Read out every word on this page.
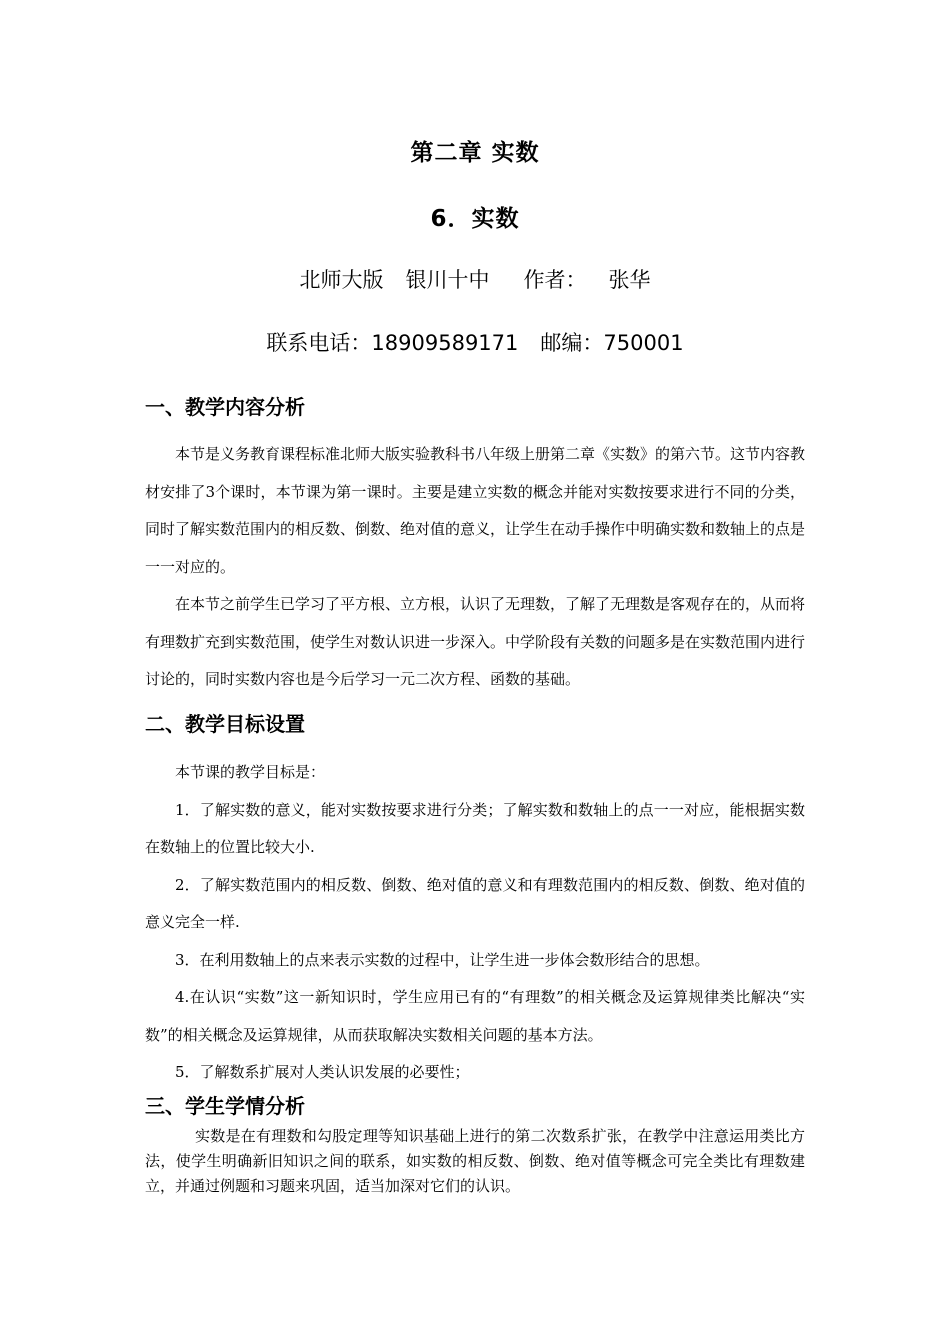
第二章 实数
6．实数
北师大版 银川十中 作者： 张华
联系电话：18909589171 邮编：750001
一、教学内容分析

本节是义务教育课程标准北师大版实验教科书八年级上册第二章《实数》的第六节。这节内容教材安排了3个课时，本节课为第一课时。主要是建立实数的概念并能对实数按要求进行不同的分类，同时了解实数范围内的相反数、倒数、绝对值的意义，让学生在动手操作中明确实数和数轴上的点是一一对应的。

在本节之前学生已学习了平方根、立方根，认识了无理数，了解了无理数是客观存在的，从而将有理数扩充到实数范围，使学生对数认识进一步深入。中学阶段有关数的问题多是在实数范围内进行讨论的，同时实数内容也是今后学习一元二次方程、函数的基础。

二、教学目标设置

本节课的教学目标是：

1．了解实数的意义，能对实数按要求进行分类；了解实数和数轴上的点一一对应，能根据实数在数轴上的位置比较大小.

2．了解实数范围内的相反数、倒数、绝对值的意义和有理数范围内的相反数、倒数、绝对值的意义完全一样.

3．在利用数轴上的点来表示实数的过程中，让学生进一步体会数形结合的思想。

4.在认识“实数”这一新知识时，学生应用已有的“有理数”的相关概念及运算规律类比解决“实数”的相关概念及运算规律，从而获取解决实数相关问题的基本方法。

5．了解数系扩展对人类认识发展的必要性；

三、学生学情分析

实数是在有理数和勾股定理等知识基础上进行的第二次数系扩张，在教学中注意运用类比方法，使学生明确新旧知识之间的联系，如实数的相反数、倒数、绝对值等概念可完全类比有理数建立，并通过例题和习题来巩固，适当加深对它们的认识。
